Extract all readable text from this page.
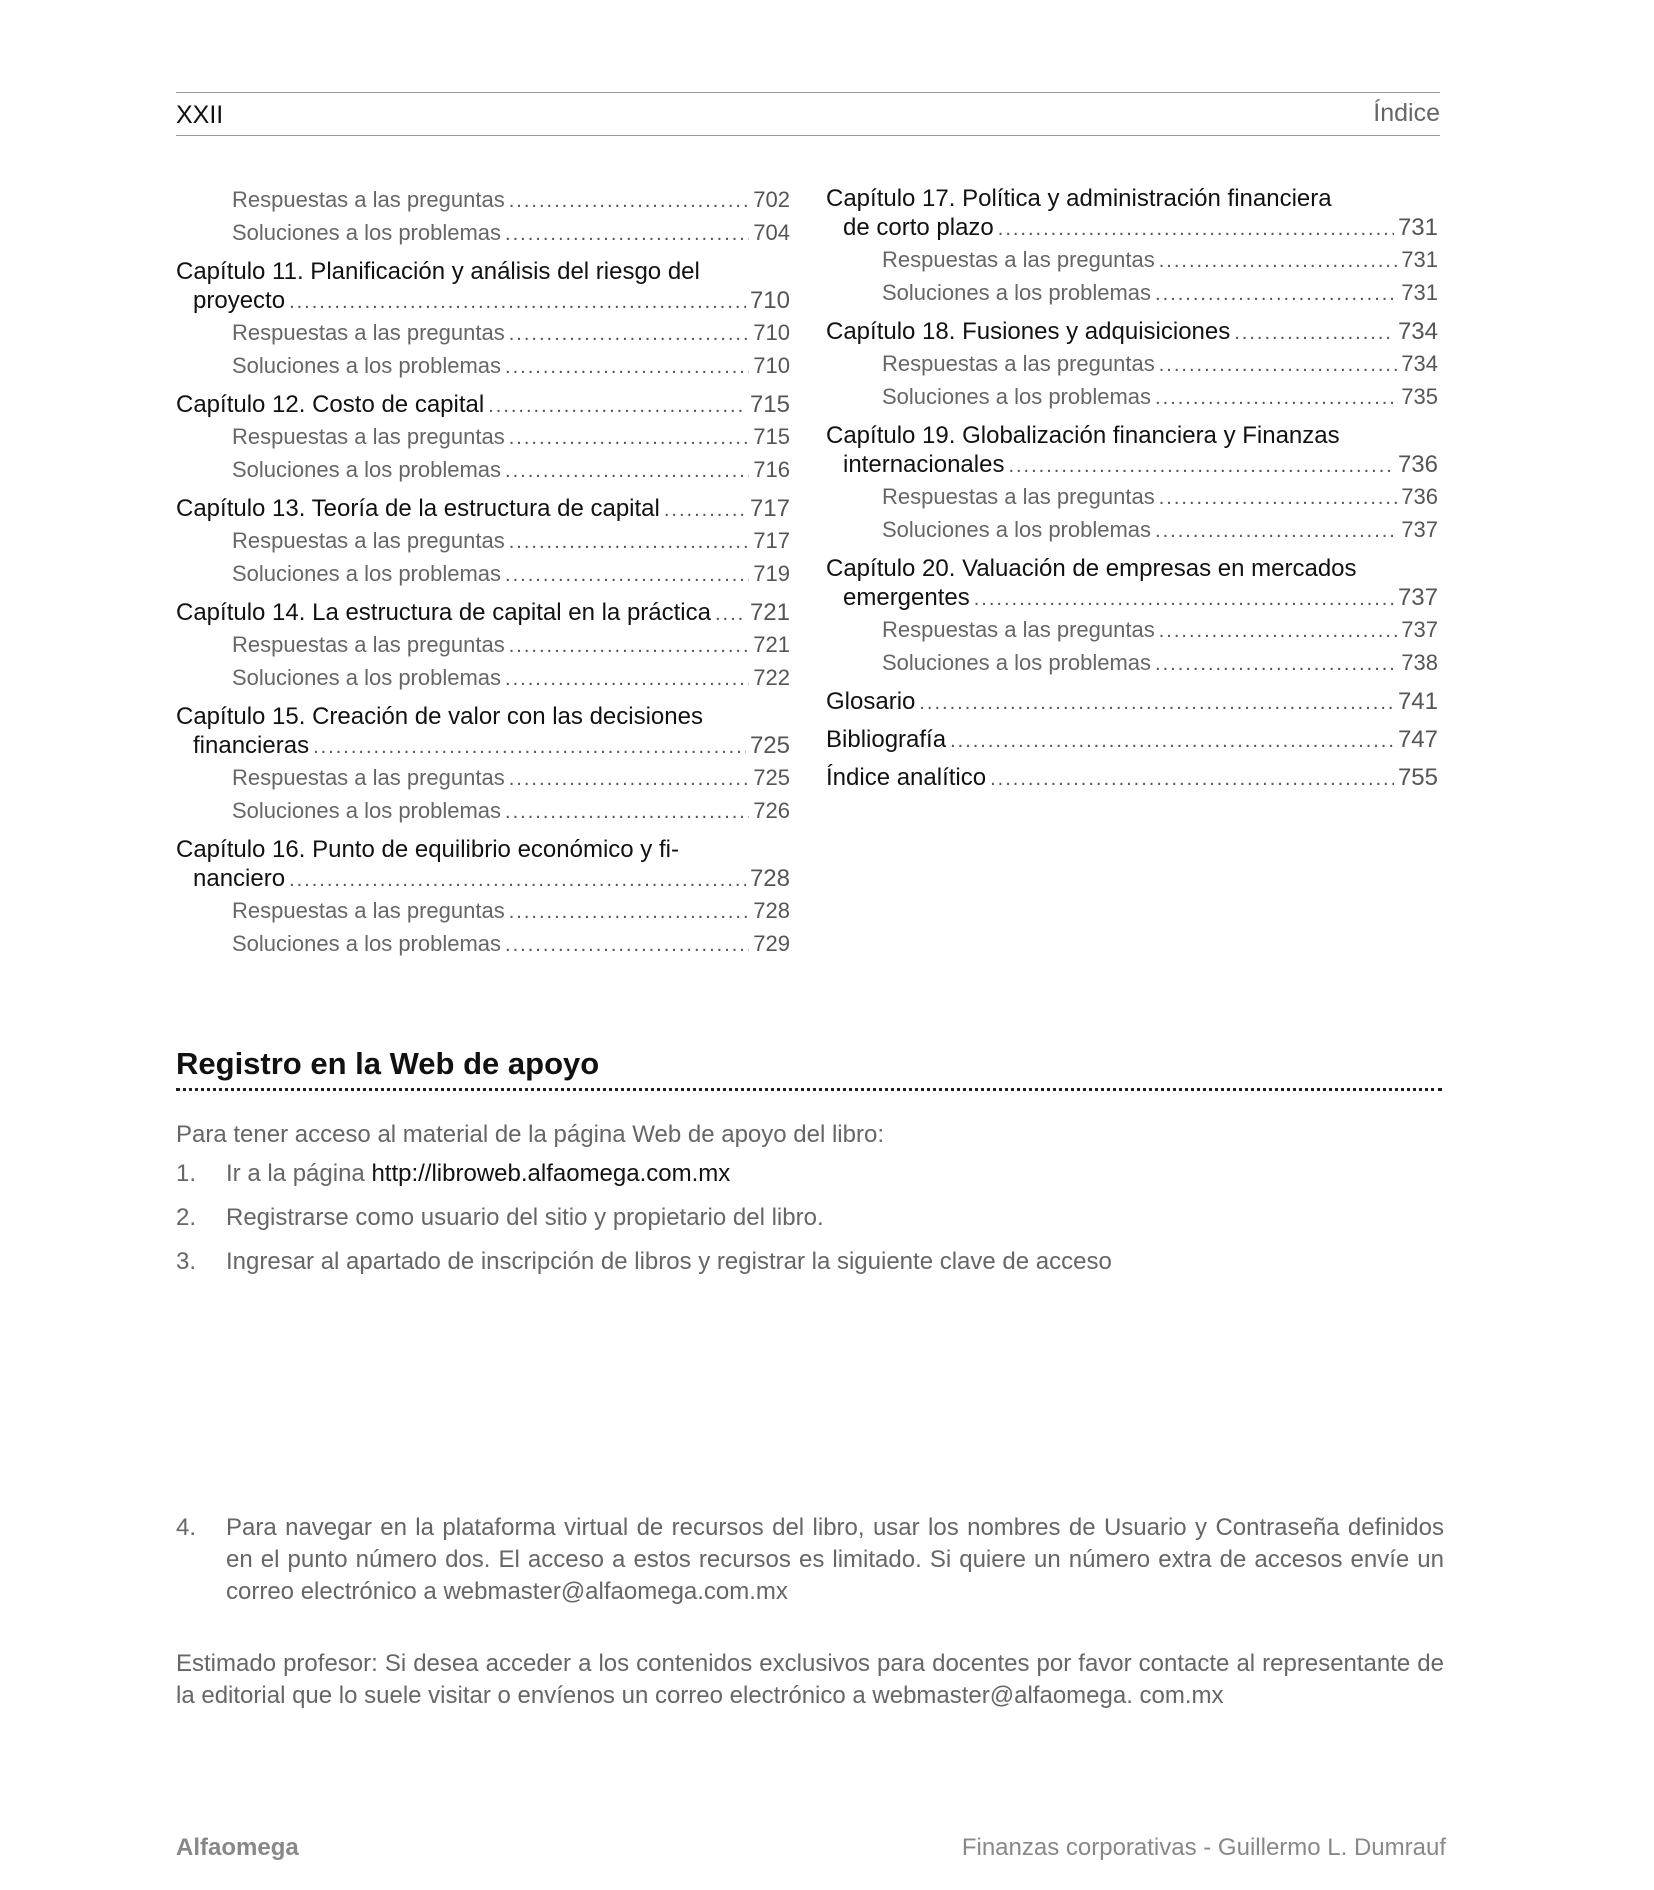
XXII	Índice
Respuestas a las preguntas .....	702
Soluciones a los problemas .....	704
Capítulo 11. Planificación y análisis del riesgo del
proyecto .....	710
Respuestas a las preguntas .....	710
Soluciones a los problemas .....	710
Capítulo 12. Costo de capital .....	715
Respuestas a las preguntas .....	715
Soluciones a los problemas .....	716
Capítulo 13. Teoría de la estructura de capital .....	717
Respuestas a las preguntas .....	717
Soluciones a los problemas .....	719
Capítulo 14. La estructura de capital en la práctica ..... 721
Respuestas a las preguntas .....	721
Soluciones a los problemas .....	722
Capítulo 15. Creación de valor con las decisiones
financieras .....	725
Respuestas a las preguntas .....	725
Soluciones a los problemas .....	726
Capítulo 16. Punto de equilibrio económico y fi-
nanciero .....	728
Respuestas a las preguntas .....	728
Soluciones a los problemas .....	729
Capítulo 17. Política y administración financiera
de corto plazo .....	731
Respuestas a las preguntas .....	731
Soluciones a los problemas .....	731
Capítulo 18. Fusiones y adquisiciones .....	734
Respuestas a las preguntas .....	734
Soluciones a los problemas .....	735
Capítulo 19. Globalización financiera y Finanzas
internacionales .....	736
Respuestas a las preguntas .....	736
Soluciones a los problemas .....	737
Capítulo 20. Valuación de empresas en mercados
emergentes .....	737
Respuestas a las preguntas .....	737
Soluciones a los problemas .....	738
Glosario .....	741
Bibliografía .....	747
Índice analítico .....	755
Registro en la Web de apoyo
Para tener acceso al material de la página Web de apoyo del libro:
1. Ir a la página http://libroweb.alfaomega.com.mx
2. Registrarse como usuario del sitio y propietario del libro.
3. Ingresar al apartado de inscripción de libros y registrar la siguiente clave de acceso
4. Para navegar en la plataforma virtual de recursos del libro, usar los nombres de Usuario y Contraseña definidos en el punto número dos. El acceso a estos recursos es limitado. Si quiere un número extra de accesos envíe un correo electrónico a webmaster@alfaomega.com.mx
Estimado profesor: Si desea acceder a los contenidos exclusivos para docentes por favor contacte al representante de la editorial que lo suele visitar o envíenos un correo electrónico a webmaster@alfaomega. com.mx
Alfaomega	Finanzas corporativas - Guillermo L. Dumrauf
